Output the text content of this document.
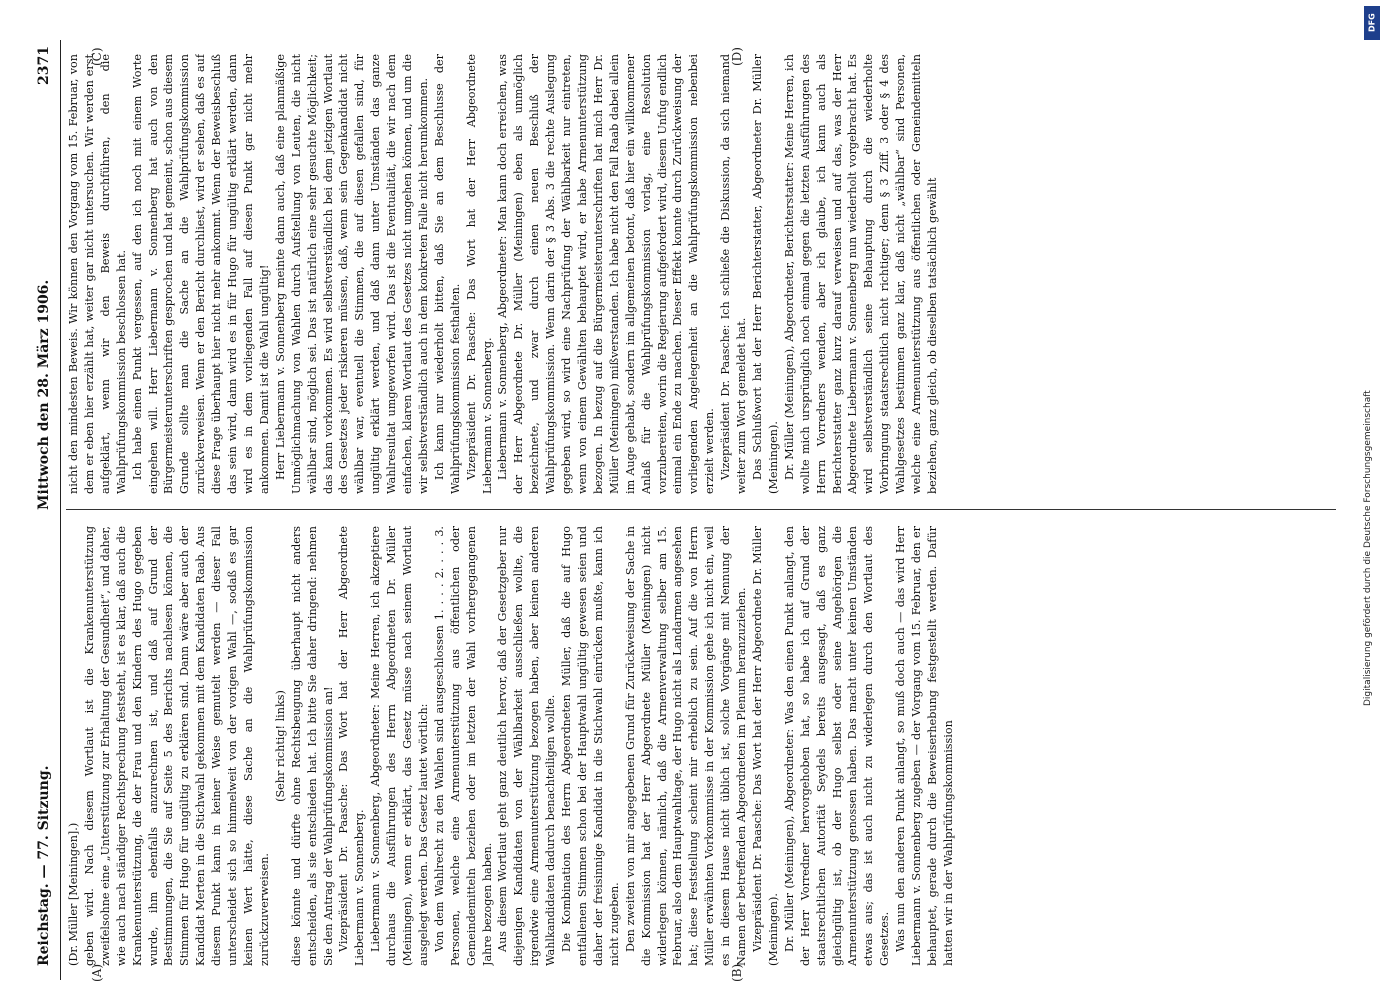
Reichstag. — 77. Sitzung.
Mittwoch den 28. März 1906.
2371
(A)	(B)
(C)	(D)

(Dr. Müller [Meiningen].) geben wird. Nach diesem Wortlaut ist die Krankenunterstützung zweifelsohne eine „Unterstützung zur Erhaltung der Gesundheit“, und daher, wie auch nach ständiger Rechtsprechung feststeht, ist es klar, daß auch die Krankenunterstützung, die der Frau und den Kindern des Hugo gegeben wurde, ihm ebenfalls anzurechnen ist, und daß auf Grund der Bestimmungen, die Sie auf Seite 5 des Berichts nachlesen können, die Stimmen für Hugo für ungültig zu erklären sind. Dann wäre aber auch der Kandidat Merten in die Stichwahl gekommen mit dem Kandidaten Raab. Aus diesem Punkt kann in keiner Weise gemutelt werden — dieser Fall unterscheidet sich so himmelweit von der vorigen Wahl —, sodaß es gar keinen Wert hätte, diese Sache an die Wahlprüfungskommission zurückzuverweisen.

(Sehr richtig! links) diese könnte und dürfte ohne Rechtsbeugung überhaupt nicht anders entscheiden, als sie entschieden hat. Ich bitte Sie daher dringend: nehmen Sie den Antrag der Wahlprüfungskommission an! Vizepräsident Dr. Paasche: Das Wort hat der Herr Abgeordnete Liebermann v. Sonnenberg. Liebermann v. Sonnenberg, Abgeordneter: Meine Herren, ich akzeptiere durchaus die Ausführungen des Herrn Abgeordneten Dr. Müller (Meiningen), wenn er erklärt, das Gesetz müsse nach seinem Wortlaut ausgelegt werden. Das Gesetz lautet wörtlich: Von dem Wahlrecht zu den Wahlen sind ausgeschlossen 1. . . . 2. . . . 3. Personen, welche eine Armenunterstützung aus öffentlichen oder Gemeindemitteln beziehen oder im letzten der Wahl vorhergegangenen Jahre bezogen haben. Aus diesem Wortlaut geht ganz deutlich hervor, daß der Gesetzgeber nur diejenigen Kandidaten von der Wählbarkeit ausschließen wollte, die irgendwie eine Armenunterstützung bezogen haben, aber keinen anderen Wahlkandidaten dadurch benachteiligen wollte. Die Kombination des Herrn Abgeordneten Müller, daß die auf Hugo entfallenen Stimmen schon bei der Hauptwahl ungültig gewesen seien und daher der freisinnige Kandidat in die Stichwahl einrücken mußte, kann ich nicht zugeben. Den zweiten von mir angegebenen Grund für Zurückweisung der Sache in die Kommission hat der Herr Abgeordnete Müller (Meiningen) nicht widerlegen können, nämlich, daß die Armenverwaltung selber am 15. Februar, also dem Hauptwahltage, der Hugo nicht als Landarmen angesehen hat; diese Feststellung scheint mir erheblich zu sein. Auf die von Herrn Müller erwähnten Vorkommnisse in der Kommission gehe ich nicht ein, weil es in diesem Hause nicht üblich ist, solche Vorgänge mit Nennung der Namen der betreffenden Abgeordneten im Plenum heranzuziehen. Vizepräsident Dr. Paasche: Das Wort hat der Herr Abgeordnete Dr. Müller (Meiningen). Dr. Müller (Meiningen), Abgeordneter: Was den einen Punkt anlangt, den der Herr Vorredner hervorgehoben hat, so habe ich auf Grund der staatsrechtlichen Autorität Seydels bereits ausgesagt, daß es ganz gleichgültig ist, ob der Hugo selbst oder seine Angehörigen die Armenunterstützung genossen haben. Das macht unter keinen Umständen etwas aus; das ist auch nicht zu widerlegen durch den Wortlaut des Gesetzes. Was nun den anderen Punkt anlangt, so muß doch auch — das wird Herr Liebermann v. Sonnenberg zugeben — der Vorgang vom 15. Februar, den er behauptet, gerade durch die Beweiserhebung festgestellt werden. Dafür hatten wir in der Wahlprüfungskommission

nicht den mindesten Beweis. Wir können den Vorgang vom 15. Februar, von dem er eben hier erzählt hat, weiter gar nicht untersuchen. Wir werden erst aufgeklärt, wenn wir den Beweis durchführen, den die Wahlprüfungskommission beschlossen hat. Ich habe einen Punkt vergessen, auf den ich noch mit einem Worte eingehen will. Herr Liebermann v. Sonnenberg hat auch von den Bürgermeisterunterschriften gesprochen und hat gemeint, schon aus diesem Grunde sollte man die Sache an die Wahlprüfungskommission zurückverweisen. Wenn er den Bericht durchliest, wird er sehen, daß es auf diese Frage überhaupt hier nicht mehr ankommt. Wenn der Beweisbeschluß das sein wird, dann wird es in für Hugo für ungültig erklärt werden, dann wird es in dem vorliegenden Fall auf diesen Punkt gar nicht mehr ankommen. Damit ist die Wahl ungültig! Herr Liebermann v. Sonnenberg meinte dann auch, daß eine planmäßige Unmöglichmachung von Wahlen durch Aufstellung von Leuten, die nicht wählbar sind, möglich sei. Das ist natürlich eine sehr gesuchte Möglichkeit; das kann vorkommen. Es wird selbstverständlich bei dem jetzigen Wortlaut des Gesetzes jeder riskieren müssen, daß, wenn sein Gegenkandidat nicht wählbar war, eventuell die Stimmen, die auf diesen gefallen sind, für ungültig erklärt werden, und daß dann unter Umständen das ganze Wahlresultat umgeworfen wird. Das ist die Eventualität, die wir nach dem einfachen, klaren Wortlaut des Gesetzes nicht umgehen können, und um die wir selbstverständlich auch in dem konkreten Falle nicht herumkommen. Ich kann nur wiederholt bitten, daß Sie an dem Beschlusse der Wahlprüfungskommission festhalten. Vizepräsident Dr. Paasche: Das Wort hat der Herr Abgeordnete Liebermann v. Sonnenberg. Liebermann v. Sonnenberg, Abgeordneter: Man kann doch erreichen, was der Herr Abgeordnete Dr. Müller (Meiningen) eben als unmöglich bezeichnete, und zwar durch einen neuen Beschluß der Wahlprüfungskommission. Wenn darin der § 3 Abs. 3 die rechte Auslegung gegeben wird, so wird eine Nachprüfung der Wählbarkeit nur eintreten, wenn von einem Gewählten behauptet wird, er habe Armenunterstützung bezogen. In bezug auf die Bürgermeisterunterschriften hat mich Herr Dr. Müller (Meiningen) mißverstanden. Ich habe nicht den Fall Raab dabei allein im Auge gehabt, sondern im allgemeinen betont, daß hier ein willkommener Anlaß für die Wahlprüfungskommission vorlag, eine Resolution vorzubereiten, worin die Regierung aufgefordert wird, diesem Unfug endlich einmal ein Ende zu machen. Dieser Effekt konnte durch Zurückweisung der vorliegenden Angelegenheit an die Wahlprüfungskommission nebenbei erzielt werden. Vizepräsident Dr. Paasche: Ich schließe die Diskussion, da sich niemand weiter zum Wort gemeldet hat. Das Schlußwort hat der Herr Berichterstatter, Abgeordneter Dr. Müller (Meiningen). Dr. Müller (Meiningen), Abgeordneter, Berichterstatter: Meine Herren, ich wollte mich ursprünglich noch einmal gegen die letzten Ausführungen des Herrn Vorredners wenden, aber ich glaube, ich kann auch als Berichterstatter ganz kurz darauf verweisen und auf das, was der Herr Abgeordnete Liebermann v. Sonnenberg nun wiederholt vorgebracht hat. Es wird selbstverständlich seine Behauptung durch die wiederholte Vorbringung staatsrechtlich nicht richtiger; denn § 3 Ziff. 3 oder § 4 des Wahlgesetzes bestimmen ganz klar, daß nicht „wählbar“ sind Personen, welche eine Armenunterstützung aus öffentlichen oder Gemeindemitteln beziehen, ganz gleich, ob dieselben tatsächlich gewählt

DFG
Digitalisierung gefördert durch die Deutsche Forschungsgemeinschaft
